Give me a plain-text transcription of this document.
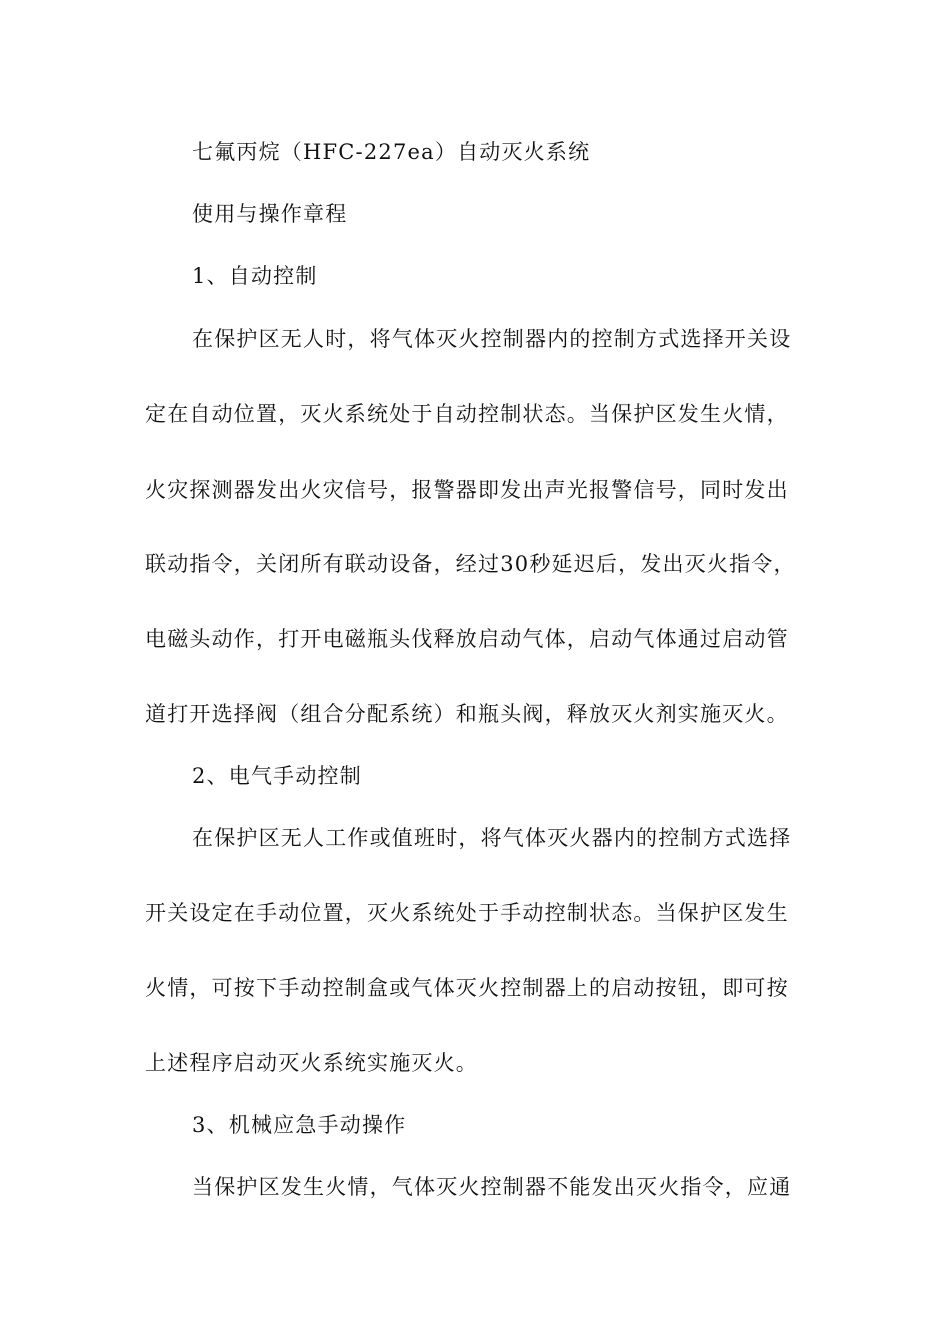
七氟丙烷（HFC-227ea）自动灭火系统
使用与操作章程
1、自动控制
在保护区无人时，将气体灭火控制器内的控制方式选择开关设
定在自动位置，灭火系统处于自动控制状态。当保护区发生火情，
火灾探测器发出火灾信号，报警器即发出声光报警信号，同时发出
联动指令，关闭所有联动设备，经过30秒延迟后，发出灭火指令，
电磁头动作，打开电磁瓶头伐释放启动气体，启动气体通过启动管
道打开选择阀（组合分配系统）和瓶头阀，释放灭火剂实施灭火。
2、电气手动控制
在保护区无人工作或值班时，将气体灭火器内的控制方式选择
开关设定在手动位置，灭火系统处于手动控制状态。当保护区发生
火情，可按下手动控制盒或气体灭火控制器上的启动按钮，即可按
上述程序启动灭火系统实施灭火。
3、机械应急手动操作
当保护区发生火情，气体灭火控制器不能发出灭火指令，应通
